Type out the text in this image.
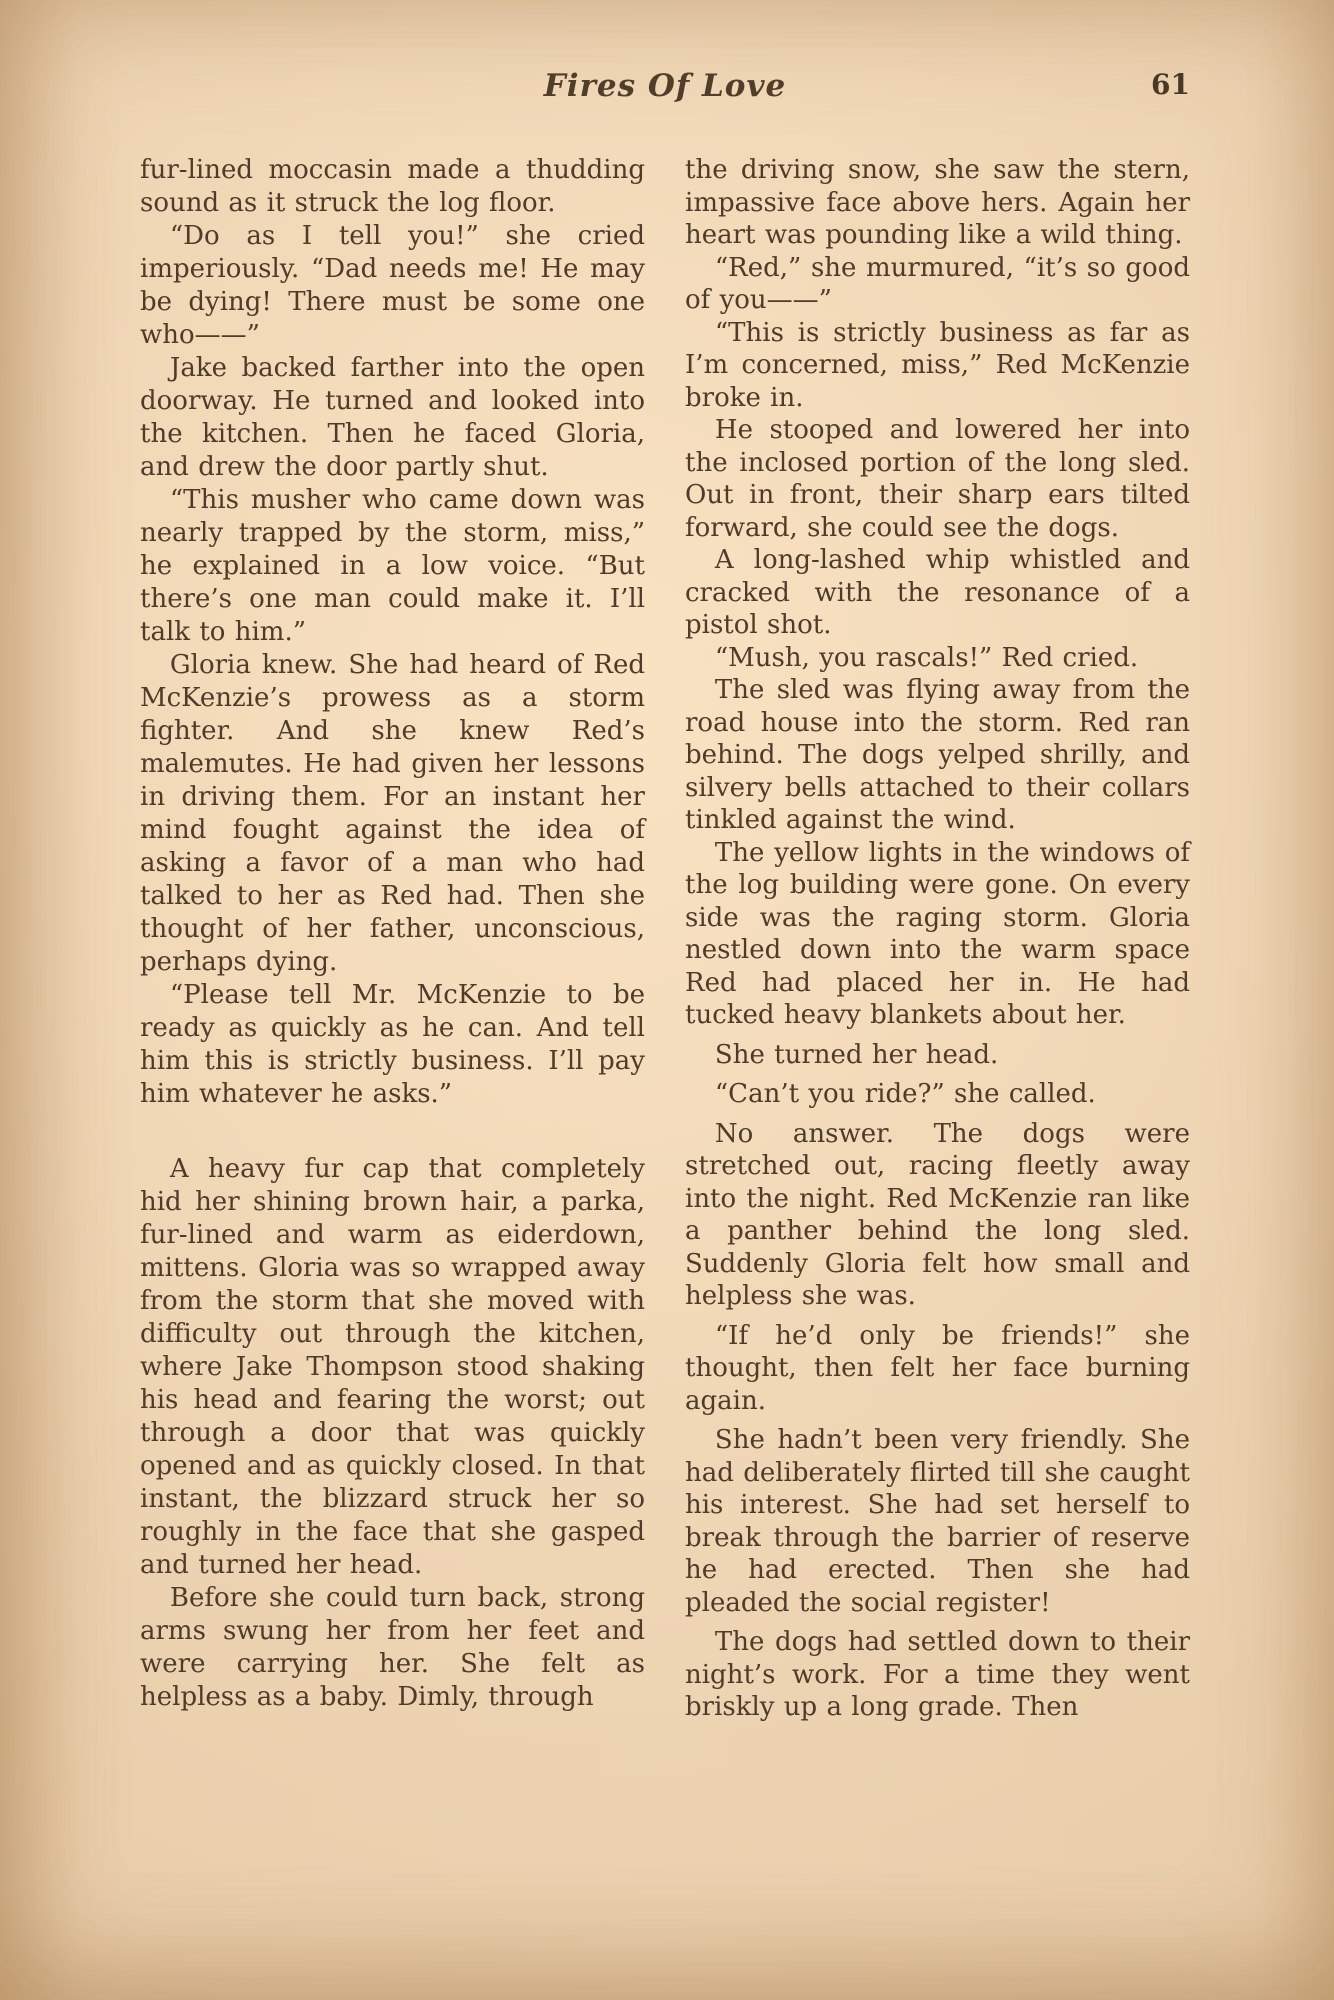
Fires Of Love	61

fur-lined moccasin made a thudding sound as it struck the log floor.

“Do as I tell you!” she cried imperiously. “Dad needs me! He may be dying! There must be some one who——”

Jake backed farther into the open doorway. He turned and looked into the kitchen. Then he faced Gloria, and drew the door partly shut.

“This musher who came down was nearly trapped by the storm, miss,” he explained in a low voice. “But there’s one man could make it. I’ll talk to him.”

Gloria knew. She had heard of Red McKenzie’s prowess as a storm fighter. And she knew Red’s malemutes. He had given her lessons in driving them. For an instant her mind fought against the idea of asking a favor of a man who had talked to her as Red had. Then she thought of her father, unconscious, perhaps dying.

“Please tell Mr. McKenzie to be ready as quickly as he can. And tell him this is strictly business. I’ll pay him whatever he asks.”

A heavy fur cap that completely hid her shining brown hair, a parka, fur-lined and warm as eiderdown, mittens. Gloria was so wrapped away from the storm that she moved with difficulty out through the kitchen, where Jake Thompson stood shaking his head and fearing the worst; out through a door that was quickly opened and as quickly closed. In that instant, the blizzard struck her so roughly in the face that she gasped and turned her head.

Before she could turn back, strong arms swung her from her feet and were carrying her. She felt as helpless as a baby. Dimly, through

the driving snow, she saw the stern, impassive face above hers. Again her heart was pounding like a wild thing.

“Red,” she murmured, “it’s so good of you——”

“This is strictly business as far as I’m concerned, miss,” Red McKenzie broke in.

He stooped and lowered her into the inclosed portion of the long sled. Out in front, their sharp ears tilted forward, she could see the dogs.

A long-lashed whip whistled and cracked with the resonance of a pistol shot.

“Mush, you rascals!” Red cried.

The sled was flying away from the road house into the storm. Red ran behind. The dogs yelped shrilly, and silvery bells attached to their collars tinkled against the wind.

The yellow lights in the windows of the log building were gone. On every side was the raging storm. Gloria nestled down into the warm space Red had placed her in. He had tucked heavy blankets about her.

She turned her head.

“Can’t you ride?” she called.

No answer. The dogs were stretched out, racing fleetly away into the night. Red McKenzie ran like a panther behind the long sled. Suddenly Gloria felt how small and helpless she was.

“If he’d only be friends!” she thought, then felt her face burning again.

She hadn’t been very friendly. She had deliberately flirted till she caught his interest. She had set herself to break through the barrier of reserve he had erected. Then she had pleaded the social register!

The dogs had settled down to their night’s work. For a time they went briskly up a long grade. Then
